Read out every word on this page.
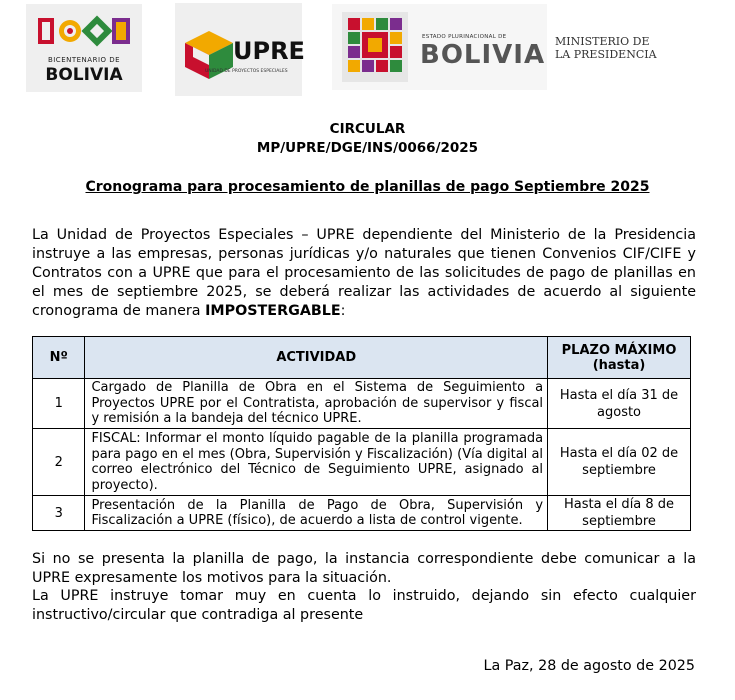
BICENTENARIO DE
BOLIVIA
UPRE
UNIDAD DE PROYECTOS ESPECIALES
ESTADO PLURINACIONAL DE
BOLIVIA MINISTERIO DE
LA PRESIDENCIA
CIRCULAR
MP/UPRE/DGE/INS/0066/2025
Cronograma para procesamiento de planillas de pago Septiembre 2025
La Unidad de Proyectos Especiales – UPRE dependiente del Ministerio de la Presidencia instruye a las empresas, personas jurídicas y/o naturales que tienen Convenios CIF/CIFE y Contratos con a UPRE que para el procesamiento de las solicitudes de pago de planillas en el mes de septiembre 2025, se deberá realizar las actividades de acuerdo al siguiente cronograma de manera IMPOSTERGABLE:
Nº	ACTIVIDAD	PLAZO MÁXIMO (hasta)
1	Cargado de Planilla de Obra en el Sistema de Seguimiento a Proyectos UPRE por el Contratista, aprobación de supervisor y fiscal y remisión a la bandeja del técnico UPRE.	Hasta el día 31 de agosto
2	FISCAL: Informar el monto líquido pagable de la planilla programada para pago en el mes (Obra, Supervisión y Fiscalización) (Vía digital al correo electrónico del Técnico de Seguimiento UPRE, asignado al proyecto).	Hasta el día 02 de septiembre
3	Presentación de la Planilla de Pago de Obra, Supervisión y Fiscalización a UPRE (físico), de acuerdo a lista de control vigente.	Hasta el día 8 de septiembre
Si no se presenta la planilla de pago, la instancia correspondiente debe comunicar a la UPRE expresamente los motivos para la situación.
La UPRE instruye tomar muy en cuenta lo instruido, dejando sin efecto cualquier instructivo/circular que contradiga al presente
La Paz, 28 de agosto de 2025
